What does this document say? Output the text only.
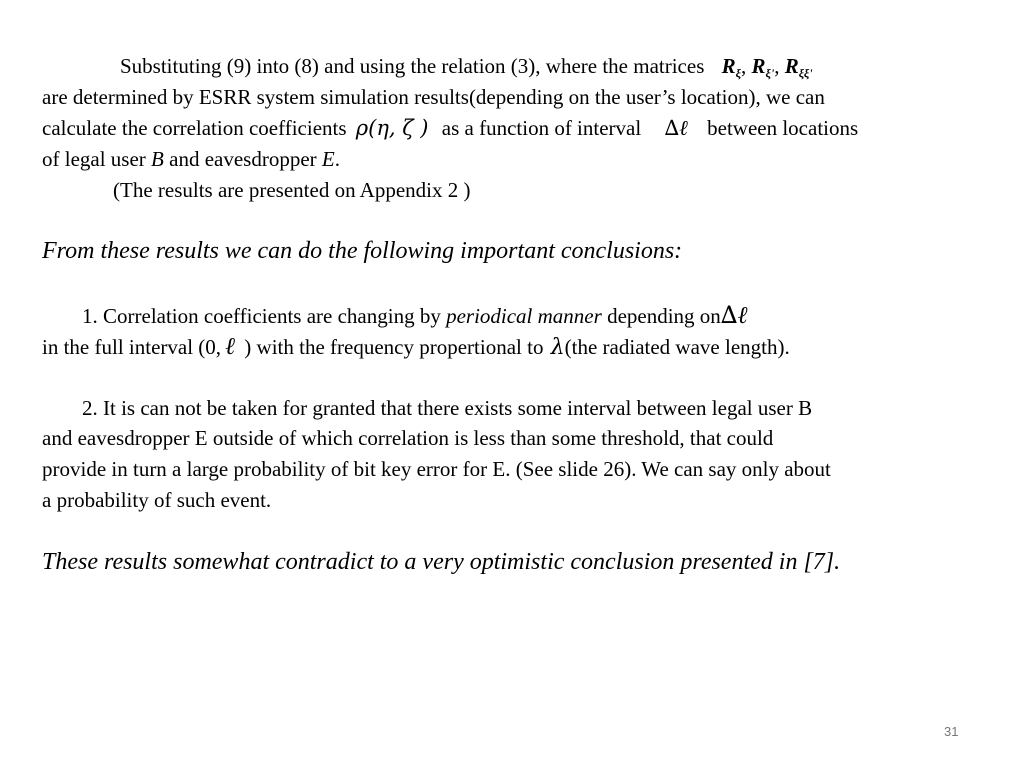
Substituting (9) into (8) and using the relation (3), where the matrices $R_\xi$, $R_{\xi'}$, $R_{\xi\xi'}$
are determined by ESRR system simulation results(depending on the user’s location), we can
calculate the correlation coefficients ρ(η, ζ ) as a function of interval ∆ℓ between locations
of legal user B and eavesdropper E.
(The results are presented on Appendix 2 )
From these results we can do the following important conclusions:
1. Correlation coefficients are changing by periodical manner depending on∆ℓ
in the full interval (0, ℓ ) with the frequency propertional to λ(the radiated wave length).
2. It is can not be taken for granted that there exists some interval between legal user B
and eavesdropper E outside of which correlation is less than some threshold, that could
provide in turn a large probability of bit key error for E. (See slide 26). We can say only about
a probability of such event.
These results somewhat contradict to a very optimistic conclusion presented in [7].
31
